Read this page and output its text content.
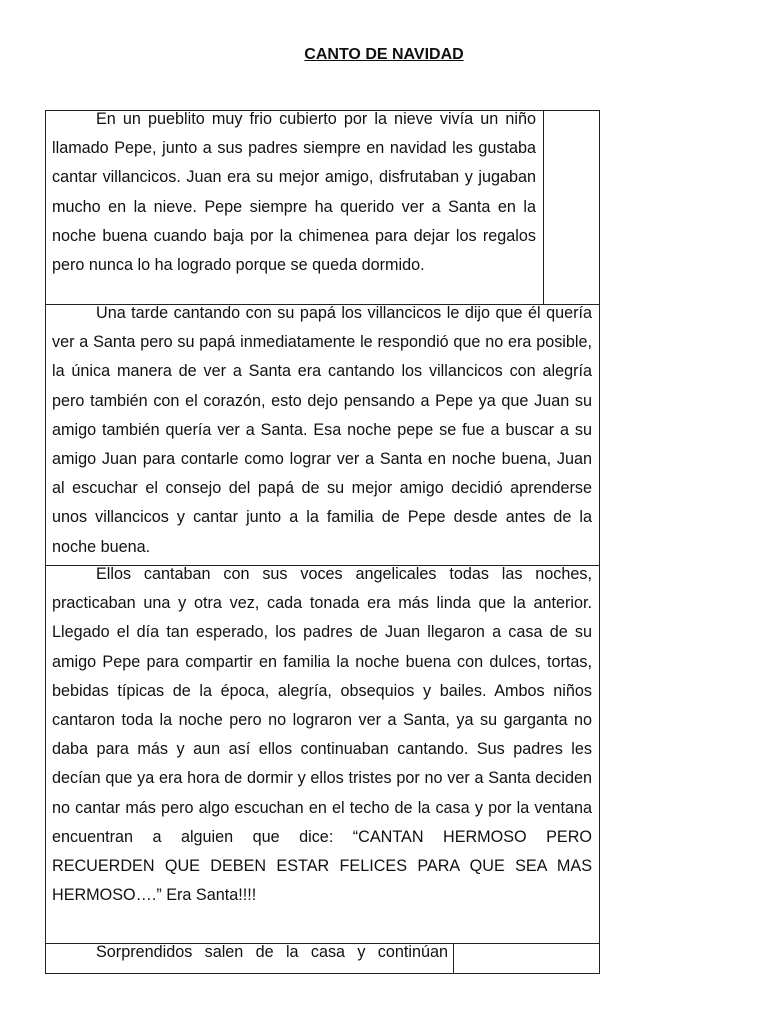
CANTO DE NAVIDAD

En un pueblito muy frio cubierto por la nieve vivía un niño llamado Pepe, junto a sus padres siempre en navidad les gustaba cantar villancicos. Juan era su mejor amigo, disfrutaban y jugaban mucho en la nieve. Pepe siempre ha querido ver a Santa en la noche buena cuando baja por la chimenea para dejar los regalos pero nunca lo ha logrado porque se queda dormido.

Una tarde cantando con su papá los villancicos le dijo que él quería ver a Santa pero su papá inmediatamente le respondió que no era posible, la única manera de ver a Santa era cantando los villancicos con alegría pero también con el corazón, esto dejo pensando a Pepe ya que Juan su amigo también quería ver a Santa. Esa noche pepe se fue a buscar a su amigo Juan para contarle como lograr ver a Santa en noche buena, Juan al escuchar el consejo del papá de su mejor amigo decidió aprenderse unos villancicos y cantar junto a la familia de Pepe desde antes de la noche buena.

Ellos cantaban con sus voces angelicales todas las noches, practicaban una y otra vez, cada tonada era más linda que la anterior. Llegado el día tan esperado, los padres de Juan llegaron a casa de su amigo Pepe para compartir en familia la noche buena con dulces, tortas, bebidas típicas de la época, alegría, obsequios y bailes. Ambos niños cantaron toda la noche pero no lograron ver a Santa, ya su garganta no daba para más y aun así ellos continuaban cantando. Sus padres les decían que ya era hora de dormir y ellos tristes por no ver a Santa deciden no cantar más pero algo escuchan en el techo de la casa y por la ventana encuentran a alguien que dice: “CANTAN HERMOSO PERO RECUERDEN QUE DEBEN ESTAR FELICES PARA QUE SEA MAS HERMOSO….” Era Santa!!!!

Sorprendidos salen de la casa y continúan
